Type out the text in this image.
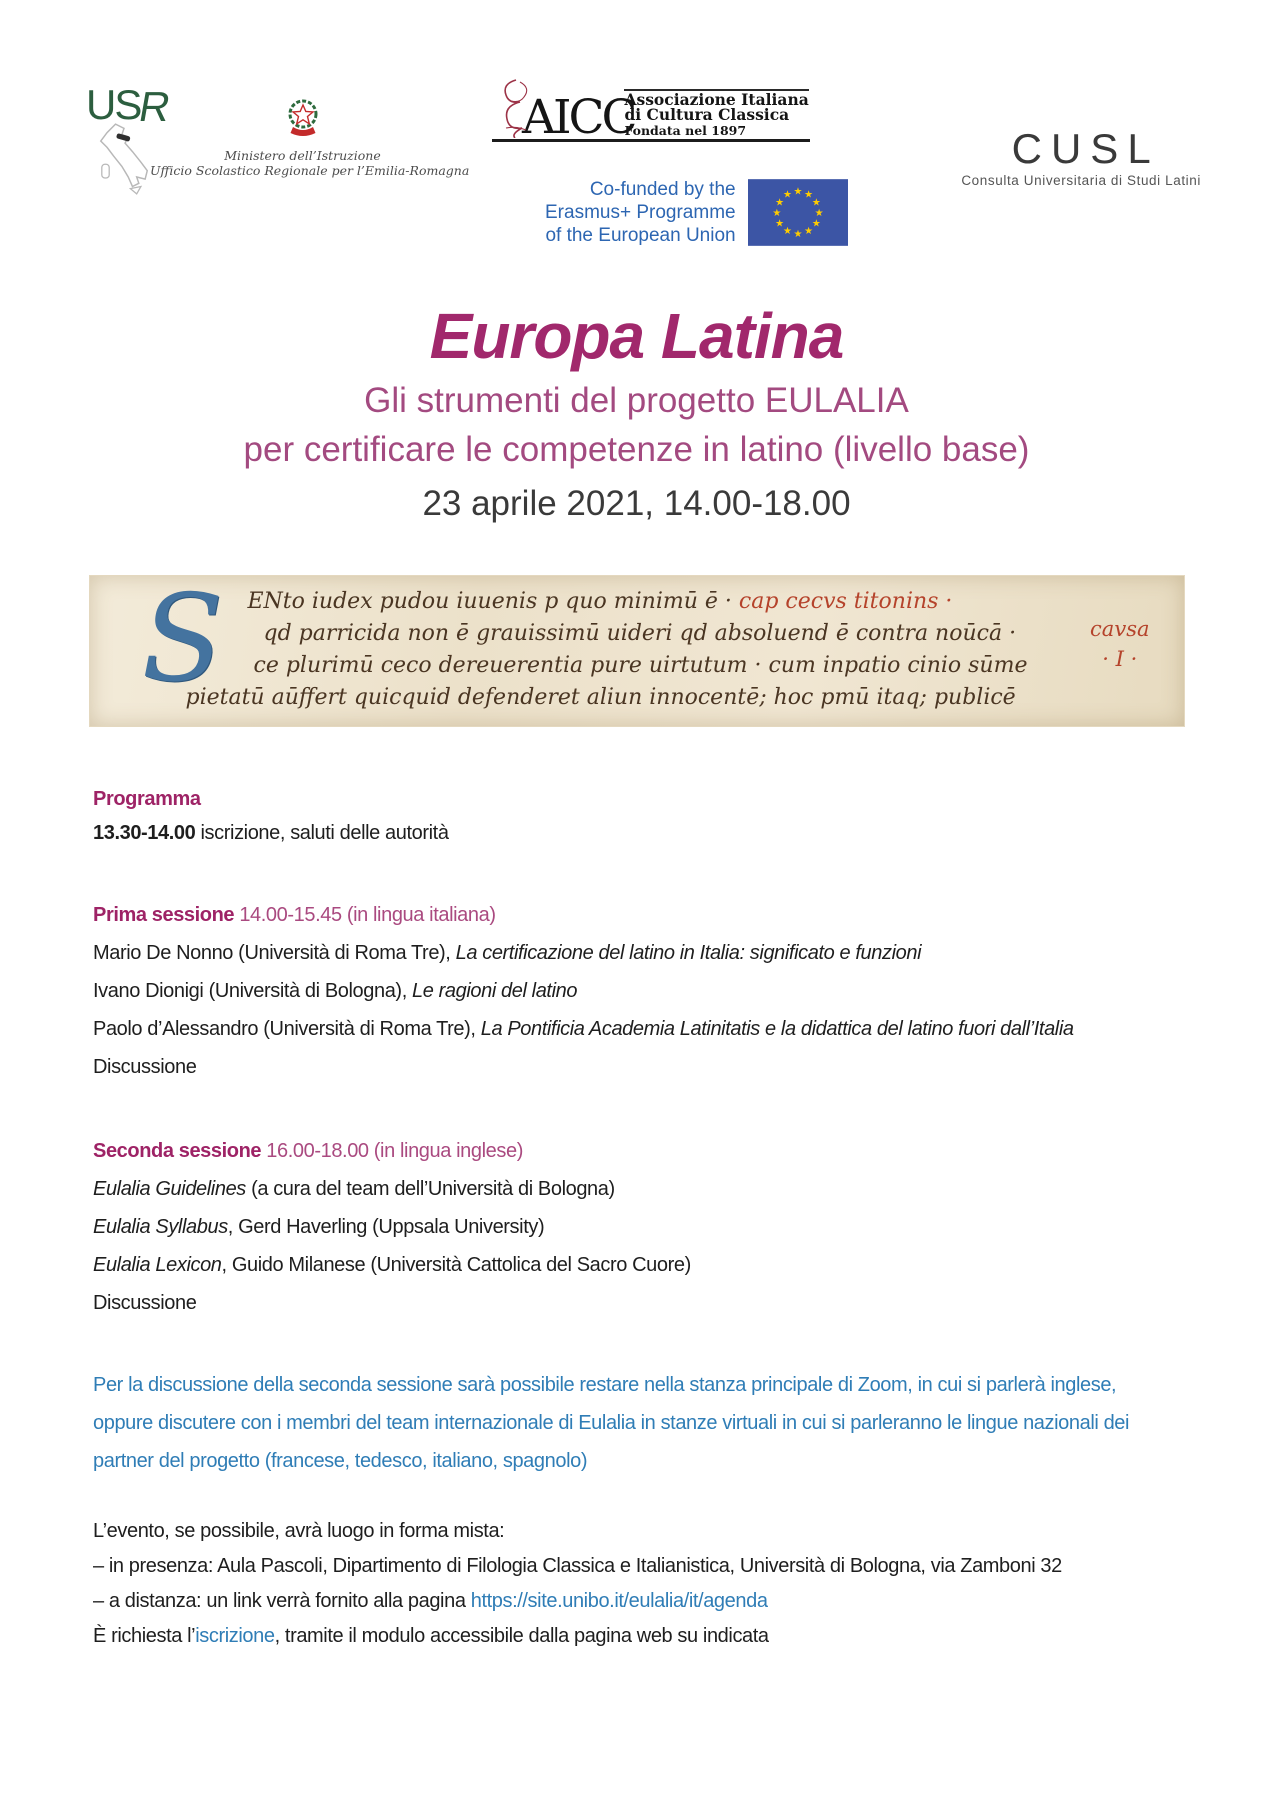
USR
Ministero dell’Istruzione
Ufficio Scolastico Regionale per l’Emilia-Romagna
AICC
Associazione Italiana
di Cultura Classica
Fondata nel 1897	CUSL
Consulta Universitaria di Studi Latini
Co-funded by the
Erasmus+ Programme
of the European Union
★ ★
★
★
★
★
★
★
★
★
★
★
Europa Latina
Gli strumenti del progetto EULALIA
per certificare le competenze in latino (livello base)
23 aprile 2021, 14.00-18.00
S ENto iudex pudou iuuenis p quo minimū ē · cap cecvs titonins ·
qd parricida non ē grauissimū uideri qd absoluend ē contra noūcā ·
ce plurimū ceco dereuerentia pure uirtutum · cum inpatio cinio sūme
pietatū aūffert quicquid defenderet aliun innocentē; hoc pmū itaq; publicē
cavsa
· I ·
Programma
13.30-14.00 iscrizione, saluti delle autorità
Prima sessione 14.00-15.45 (in lingua italiana)
Mario De Nonno (Università di Roma Tre), La certificazione del latino in Italia: significato e funzioni
Ivano Dionigi (Università di Bologna), Le ragioni del latino
Paolo d’Alessandro (Università di Roma Tre), La Pontificia Academia Latinitatis e la didattica del latino fuori dall’Italia
Discussione
Seconda sessione 16.00-18.00 (in lingua inglese)
Eulalia Guidelines (a cura del team dell’Università di Bologna)
Eulalia Syllabus, Gerd Haverling (Uppsala University)
Eulalia Lexicon, Guido Milanese (Università Cattolica del Sacro Cuore)
Discussione
Per la discussione della seconda sessione sarà possibile restare nella stanza principale di Zoom, in cui si parlerà inglese, oppure discutere con i membri del team internazionale di Eulalia in stanze virtuali in cui si parleranno le lingue nazionali dei partner del progetto (francese, tedesco, italiano, spagnolo)
L’evento, se possibile, avrà luogo in forma mista:
– in presenza: Aula Pascoli, Dipartimento di Filologia Classica e Italianistica, Università di Bologna, via Zamboni 32
– a distanza: un link verrà fornito alla pagina https://site.unibo.it/eulalia/it/agenda
È richiesta l’iscrizione, tramite il modulo accessibile dalla pagina web su indicata
